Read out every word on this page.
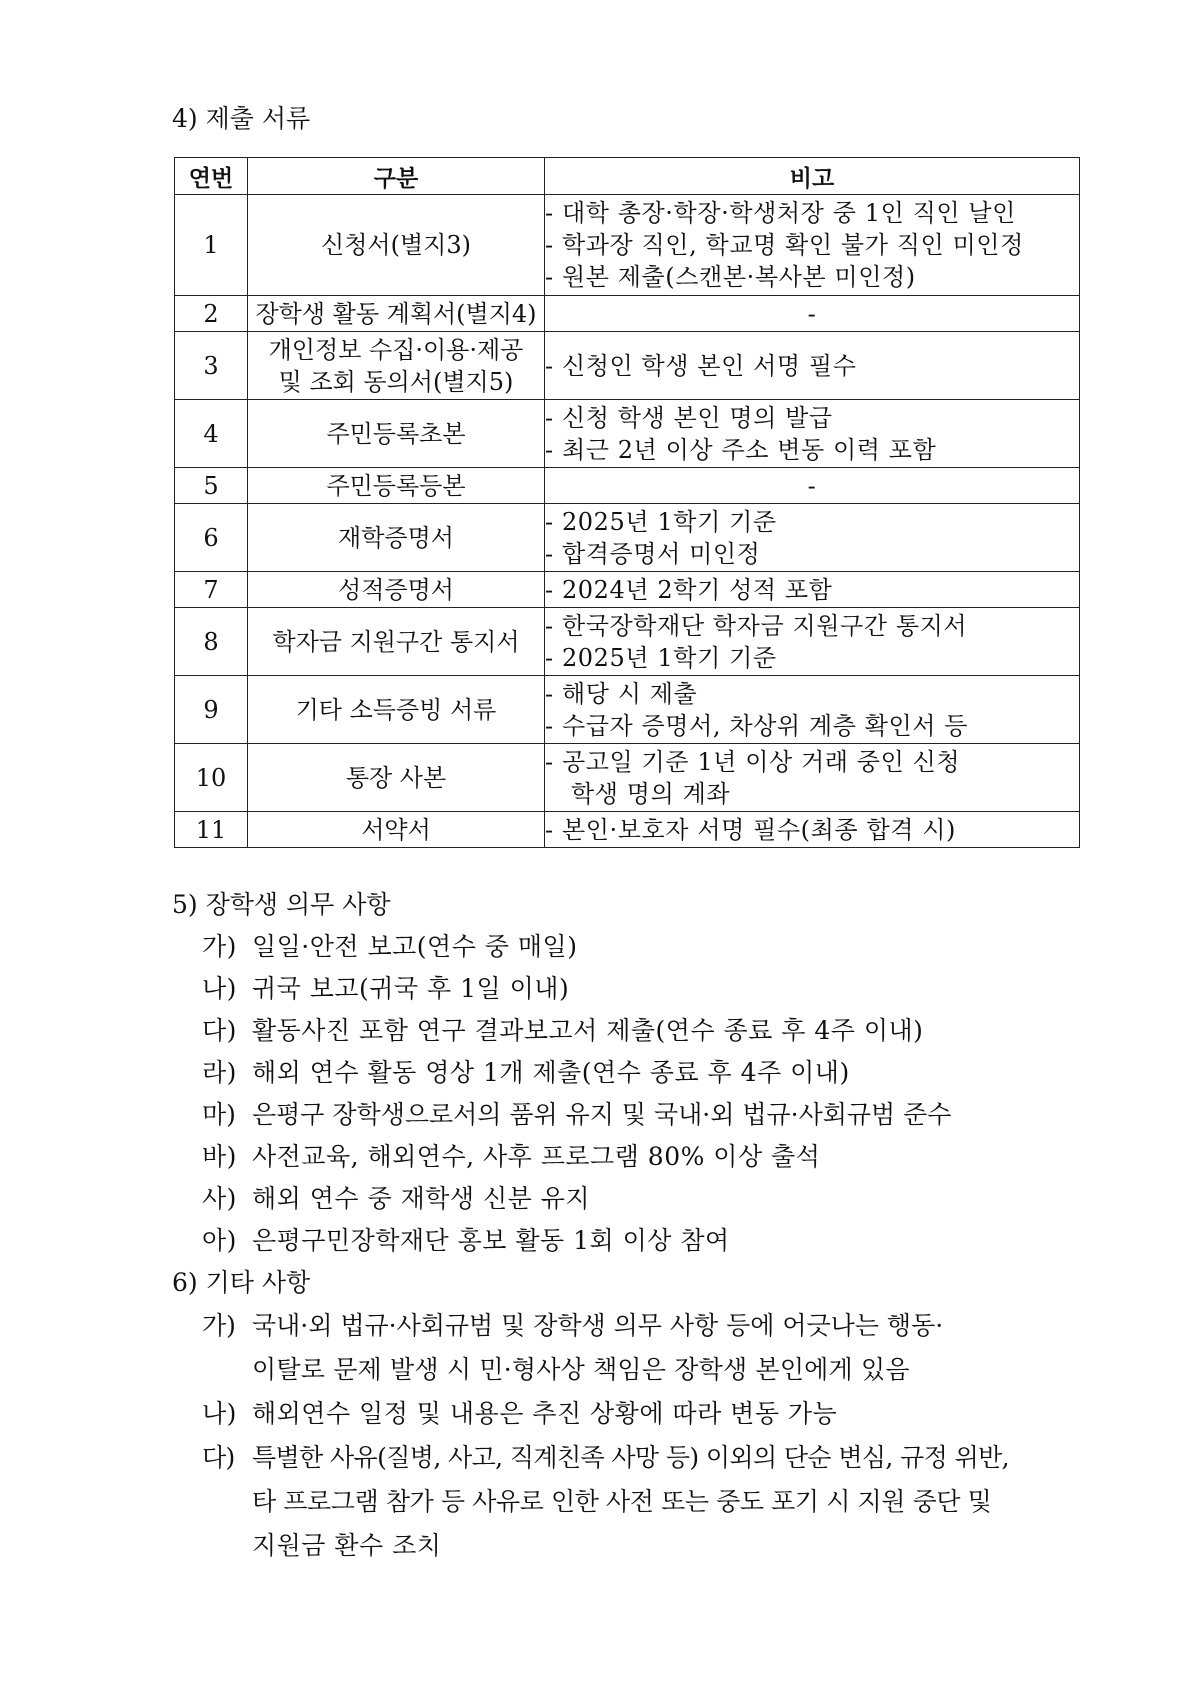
4) 제출 서류
연번	구분	비고
1	신청서(별지3)	- 대학 총장·학장·학생처장 중 1인 직인 날인
- 학과장 직인, 학교명 확인 불가 직인 미인정
- 원본 제출(스캔본·복사본 미인정)

2	장학생 활동 계획서(별지4)	-

3	개인정보 수집·이용·제공
및 조회 동의서(별지5)	- 신청인 학생 본인 서명 필수

4	주민등록초본	- 신청 학생 본인 명의 발급
- 최근 2년 이상 주소 변동 이력 포함

5	주민등록등본	-

6	재학증명서	- 2025년 1학기 기준
- 합격증명서 미인정

7	성적증명서	- 2024년 2학기 성적 포함

8	학자금 지원구간 통지서	- 한국장학재단 학자금 지원구간 통지서
- 2025년 1학기 기준

9	기타 소득증빙 서류	- 해당 시 제출
- 수급자 증명서, 차상위 계층 확인서 등

10	통장 사본	- 공고일 기준 1년 이상 거래 중인 신청
학생 명의 계좌

11	서약서	- 본인·보호자 서명 필수(최종 합격 시)
5) 장학생 의무 사항
가) 일일·안전 보고(연수 중 매일)
나) 귀국 보고(귀국 후 1일 이내)
다) 활동사진 포함 연구 결과보고서 제출(연수 종료 후 4주 이내)
라) 해외 연수 활동 영상 1개 제출(연수 종료 후 4주 이내)
마) 은평구 장학생으로서의 품위 유지 및 국내·외 법규·사회규범 준수
바) 사전교육, 해외연수, 사후 프로그램 80% 이상 출석
사) 해외 연수 중 재학생 신분 유지
아) 은평구민장학재단 홍보 활동 1회 이상 참여
6) 기타 사항
가) 국내·외 법규·사회규범 및 장학생 의무 사항 등에 어긋나는 행동·
이탈로 문제 발생 시 민·형사상 책임은 장학생 본인에게 있음
나) 해외연수 일정 및 내용은 추진 상황에 따라 변동 가능
다) 특별한 사유(질병, 사고, 직계친족 사망 등) 이외의 단순 변심, 규정 위반,
타 프로그램 참가 등 사유로 인한 사전 또는 중도 포기 시 지원 중단 및
지원금 환수 조치
